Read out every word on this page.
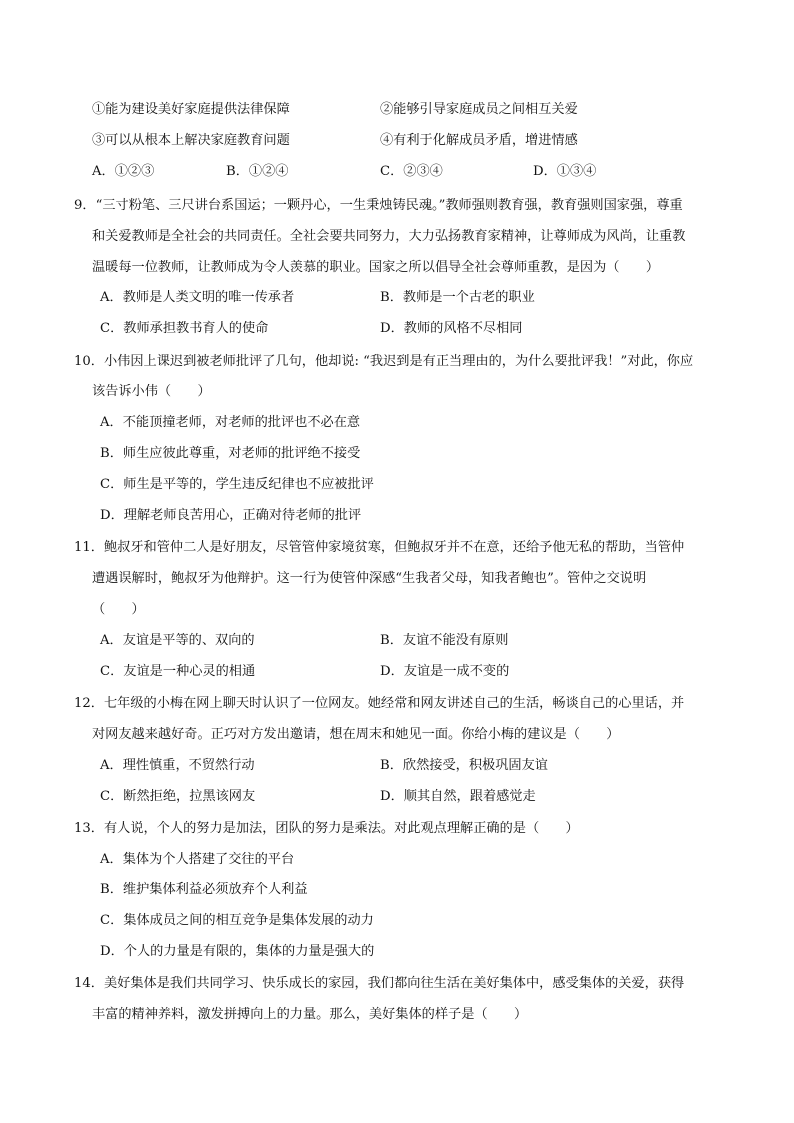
①能为建设美好家庭提供法律保障	②能够引导家庭成员之间相互关爱
③可以从根本上解决家庭教育问题	④有利于化解成员矛盾，增进情感
A．①②③	B．①②④	C．②③④	D．①③④
9．“三寸粉笔、三尺讲台系国运；一颗丹心，一生秉烛铸民魂。”教师强则教育强，教育强则国家强，尊重
和关爱教师是全社会的共同责任。全社会要共同努力，大力弘扬教育家精神，让尊师成为风尚，让重教
温暖每一位教师，让教师成为令人羡慕的职业。国家之所以倡导全社会尊师重教，是因为（　　）
A．教师是人类文明的唯一传承者	B．教师是一个古老的职业
C．教师承担教书育人的使命	D．教师的风格不尽相同
10．小伟因上课迟到被老师批评了几句，他却说: “我迟到是有正当理由的，为什么要批评我！”对此，你应
该告诉小伟（　　）
A．不能顶撞老师，对老师的批评也不必在意
B．师生应彼此尊重，对老师的批评绝不接受
C．师生是平等的，学生违反纪律也不应被批评
D．理解老师良苦用心，正确对待老师的批评
11．鲍叔牙和管仲二人是好朋友，尽管管仲家境贫寒，但鲍叔牙并不在意，还给予他无私的帮助，当管仲
遭遇误解时，鲍叔牙为他辩护。这一行为使管仲深感“生我者父母，知我者鲍也”。管仲之交说明
（　　）
A．友谊是平等的、双向的	B．友谊不能没有原则
C．友谊是一种心灵的相通	D．友谊是一成不变的
12．七年级的小梅在网上聊天时认识了一位网友。她经常和网友讲述自己的生活，畅谈自己的心里话，并
对网友越来越好奇。正巧对方发出邀请，想在周末和她见一面。你给小梅的建议是（　　）
A．理性慎重，不贸然行动	B．欣然接受，积极巩固友谊
C．断然拒绝，拉黑该网友	D．顺其自然，跟着感觉走
13．有人说，个人的努力是加法，团队的努力是乘法。对此观点理解正确的是（　　）
A．集体为个人搭建了交往的平台
B．维护集体利益必须放弃个人利益
C．集体成员之间的相互竞争是集体发展的动力
D．个人的力量是有限的，集体的力量是强大的
14．美好集体是我们共同学习、快乐成长的家园，我们都向往生活在美好集体中，感受集体的关爱，获得
丰富的精神养料，激发拼搏向上的力量。那么，美好集体的样子是（　　）
